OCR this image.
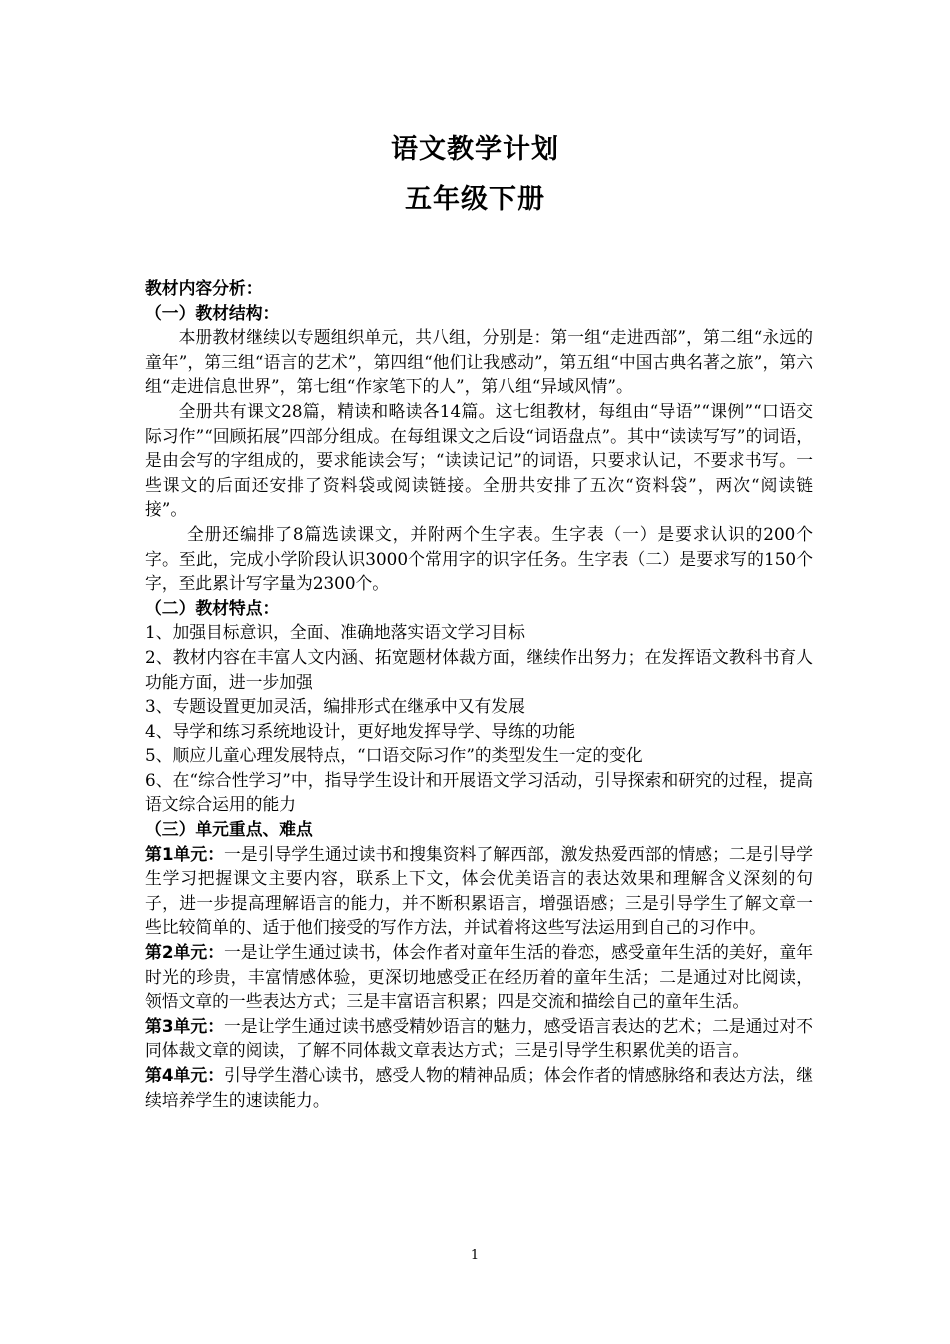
语文教学计划
五年级下册

教材内容分析：

（一）教材结构：

本册教材继续以专题组织单元，共八组，分别是：第一组“走进西部”，第二组“永远的童年”，第三组“语言的艺术”，第四组“他们让我感动”，第五组“中国古典名著之旅”，第六组“走进信息世界”，第七组“作家笔下的人”，第八组“异域风情”。

全册共有课文28篇，精读和略读各14篇。这七组教材，每组由“导语”“课例”“口语交际习作”“回顾拓展”四部分组成。在每组课文之后设“词语盘点”。其中“读读写写”的词语，是由会写的字组成的，要求能读会写；“读读记记”的词语，只要求认记，不要求书写。一些课文的后面还安排了资料袋或阅读链接。全册共安排了五次“资料袋”，两次“阅读链接”。

全册还编排了8篇选读课文，并附两个生字表。生字表（一）是要求认识的200个字。至此，完成小学阶段认识3000个常用字的识字任务。生字表（二）是要求写的150个字，至此累计写字量为2300个。

（二）教材特点：

1、加强目标意识，全面、准确地落实语文学习目标

2、教材内容在丰富人文内涵、拓宽题材体裁方面，继续作出努力；在发挥语文教科书育人功能方面，进一步加强

3、专题设置更加灵活，编排形式在继承中又有发展

4、导学和练习系统地设计，更好地发挥导学、导练的功能

5、顺应儿童心理发展特点，“口语交际习作”的类型发生一定的变化

6、在“综合性学习”中，指导学生设计和开展语文学习活动，引导探索和研究的过程，提高语文综合运用的能力

（三）单元重点、难点

第1单元：一是引导学生通过读书和搜集资料了解西部，激发热爱西部的情感；二是引导学生学习把握课文主要内容，联系上下文，体会优美语言的表达效果和理解含义深刻的句子，进一步提高理解语言的能力，并不断积累语言，增强语感；三是引导学生了解文章一些比较简单的、适于他们接受的写作方法，并试着将这些写法运用到自己的习作中。

第2单元：一是让学生通过读书，体会作者对童年生活的眷恋，感受童年生活的美好，童年时光的珍贵，丰富情感体验，更深切地感受正在经历着的童年生活；二是通过对比阅读，领悟文章的一些表达方式；三是丰富语言积累；四是交流和描绘自己的童年生活。

第3单元：一是让学生通过读书感受精妙语言的魅力，感受语言表达的艺术；二是通过对不同体裁文章的阅读，了解不同体裁文章表达方式；三是引导学生积累优美的语言。

第4单元：引导学生潜心读书，感受人物的精神品质；体会作者的情感脉络和表达方法，继续培养学生的速读能力。

1
